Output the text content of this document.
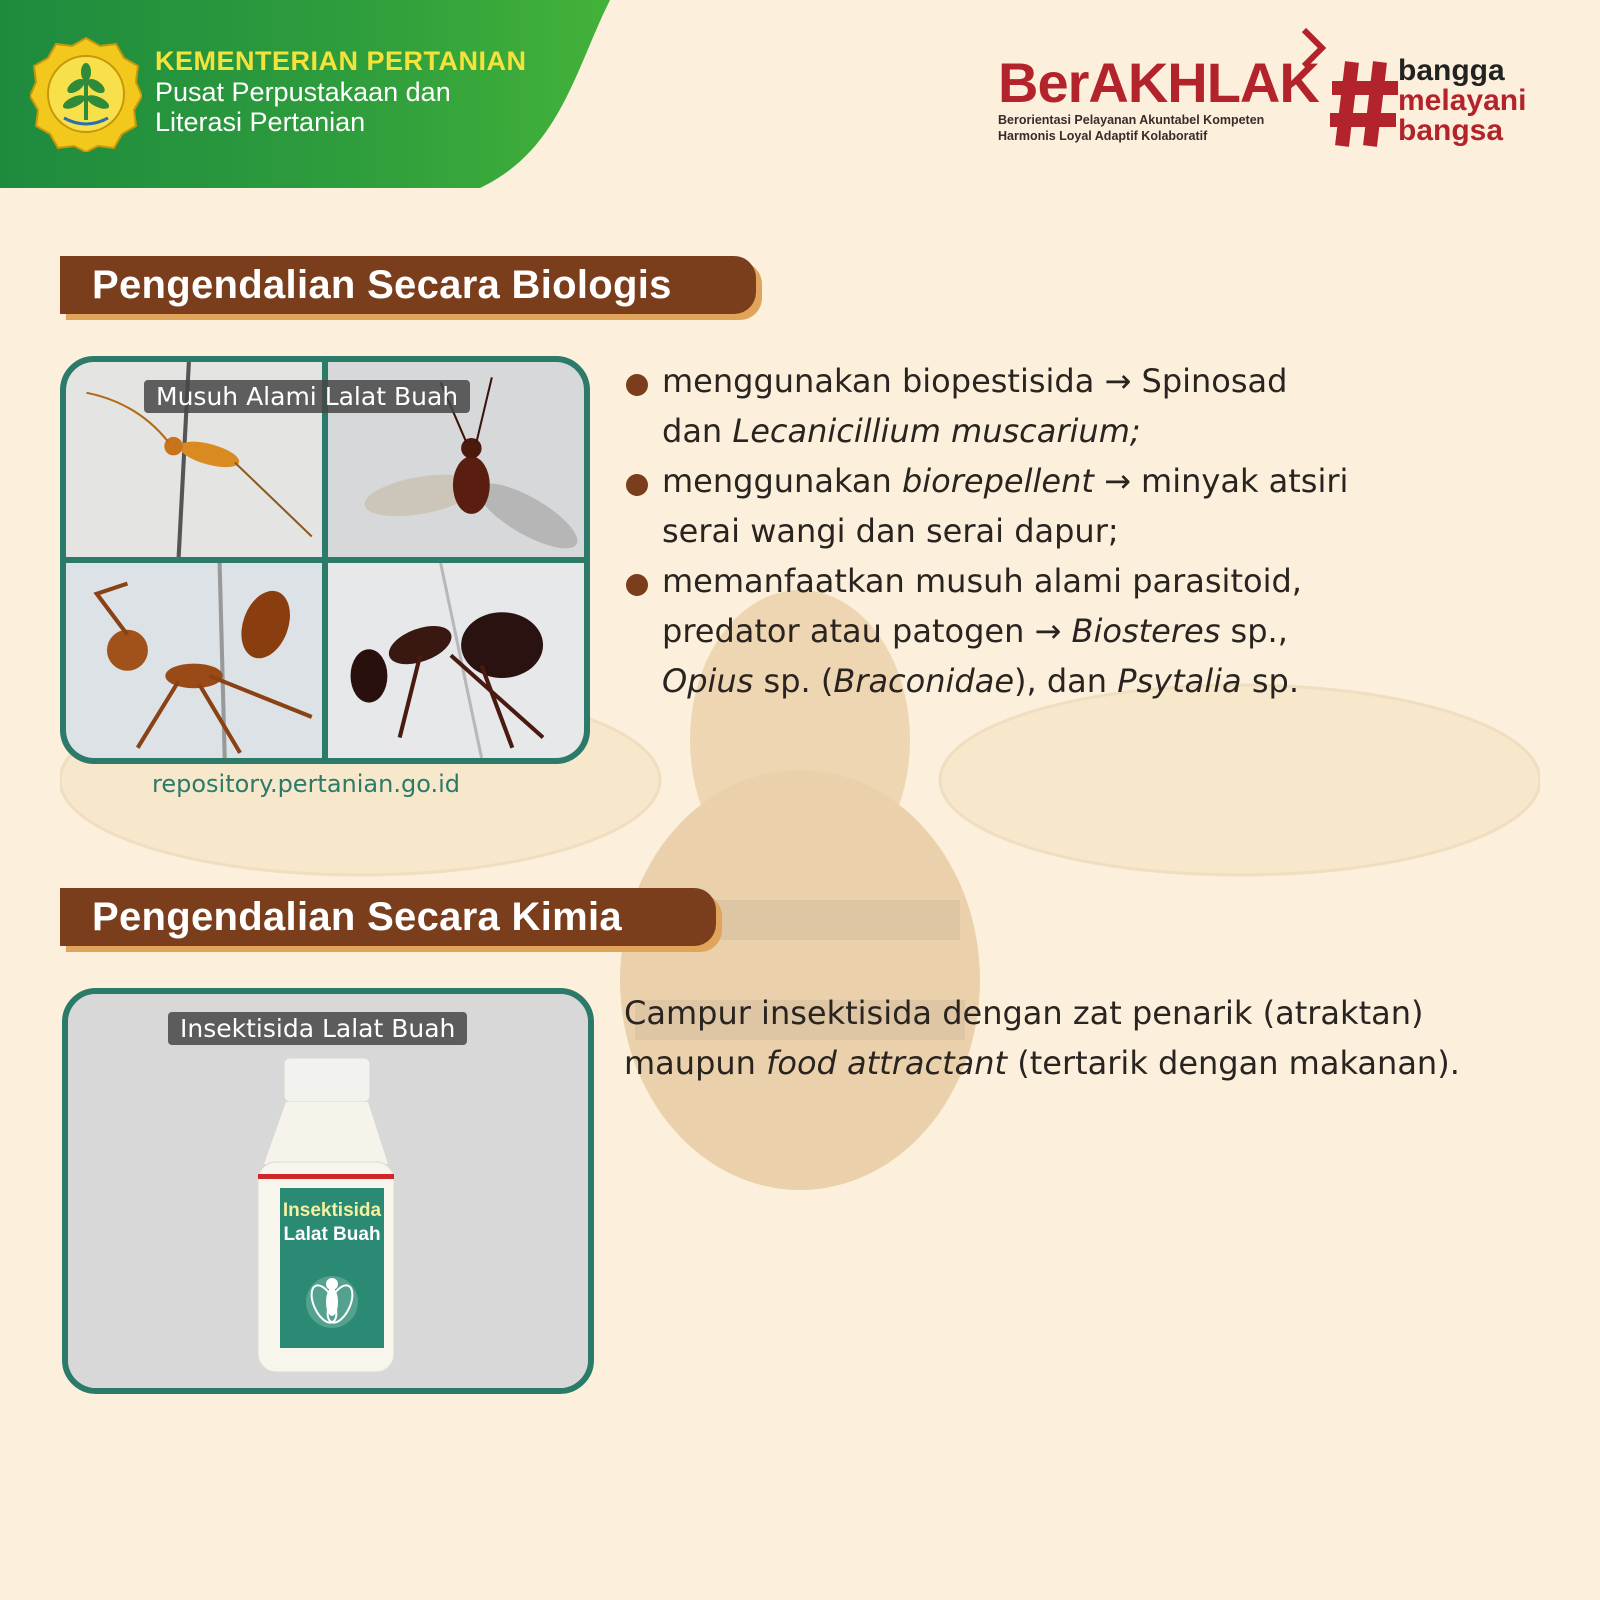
KEMENTERIAN PERTANIAN
Pusat Perpustakaan dan
Literasi Pertanian
BerAKHLAK
Berorientasi Pelayanan Akuntabel Kompeten
Harmonis Loyal Adaptif Kolaboratif
bangga
melayani
bangsa
Pengendalian Secara Biologis
Musuh Alami Lalat Buah
repository.pertanian.go.id
menggunakan biopestisida → Spinosad
dan Lecanicillium muscarium;
menggunakan biorepellent → minyak atsiri
serai wangi dan serai dapur;
memanfaatkan musuh alami parasitoid,
predator atau patogen → Biosteres sp.,
Opius sp. (Braconidae), dan Psytalia sp.
Pengendalian Secara Kimia
Insektisida
Lalat Buah
Insektisida Lalat Buah	Campur insektisida dengan zat penarik (atraktan)
maupun food attractant (tertarik dengan makanan).
